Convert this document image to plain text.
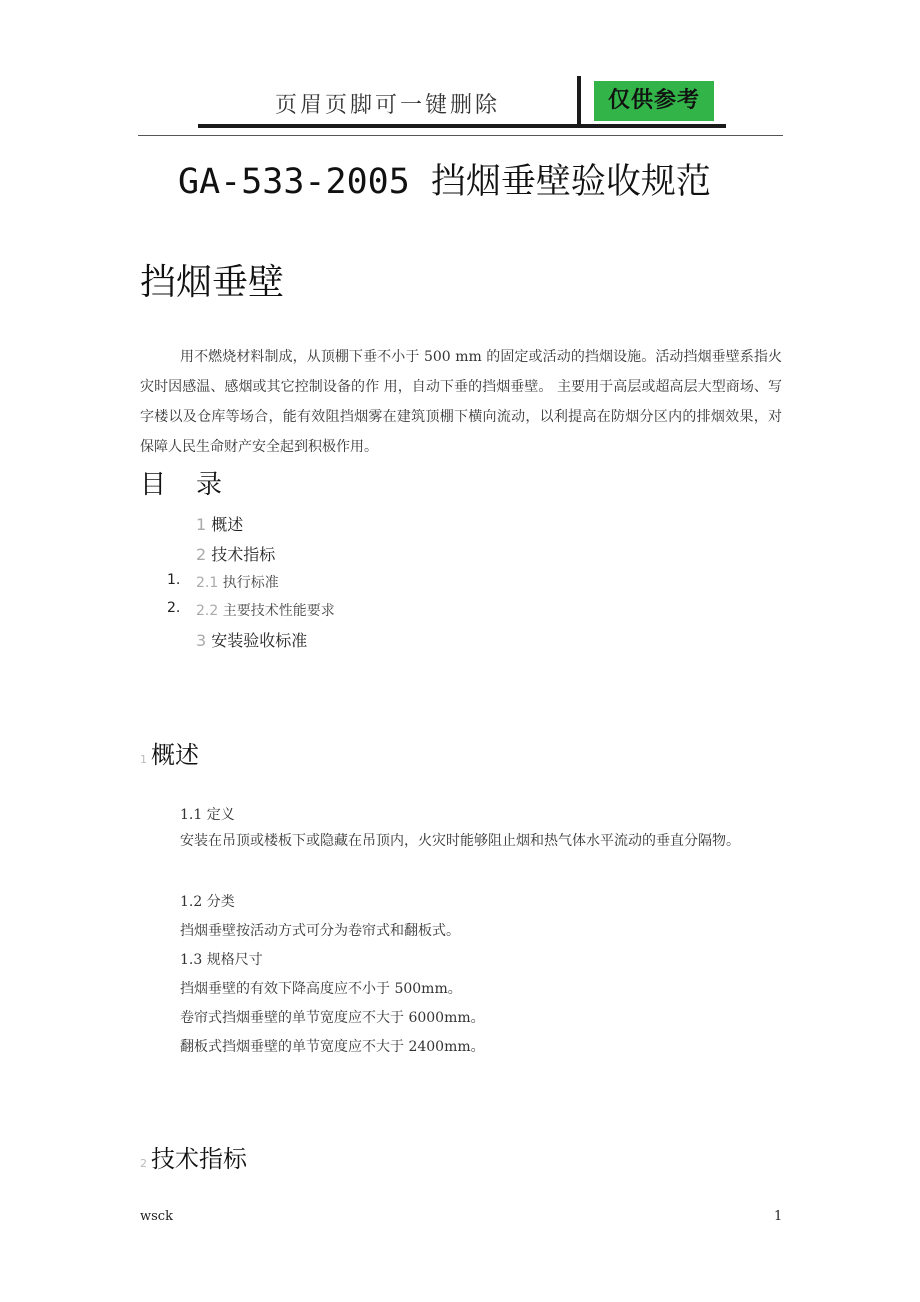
页眉页脚可一键删除	仅供参考
GA-533-2005 挡烟垂壁验收规范
挡烟垂壁
用不燃烧材料制成，从顶棚下垂不小于 500 mm 的固定或活动的挡烟设施。活动挡烟垂壁系指火灾时因感温、感烟或其它控制设备的作 用，自动下垂的挡烟垂壁。 主要用于高层或超高层大型商场、写字楼以及仓库等场合，能有效阻挡烟雾在建筑顶棚下横向流动，以利提高在防烟分区内的排烟效果，对保障人民生命财产安全起到积极作用。
目 录
1 概述
2 技术指标
1. 2.1 执行标准
2. 2.2 主要技术性能要求
3 安装验收标准
1 概述
1.1 定义
安装在吊顶或楼板下或隐藏在吊顶内，火灾时能够阻止烟和热气体水平流动的垂直分隔物。
1.2 分类
挡烟垂壁按活动方式可分为卷帘式和翻板式。
1.3 规格尺寸
挡烟垂壁的有效下降高度应不小于 500mm。
卷帘式挡烟垂壁的单节宽度应不大于 6000mm。
翻板式挡烟垂壁的单节宽度应不大于 2400mm。
2 技术指标
wsck	1
